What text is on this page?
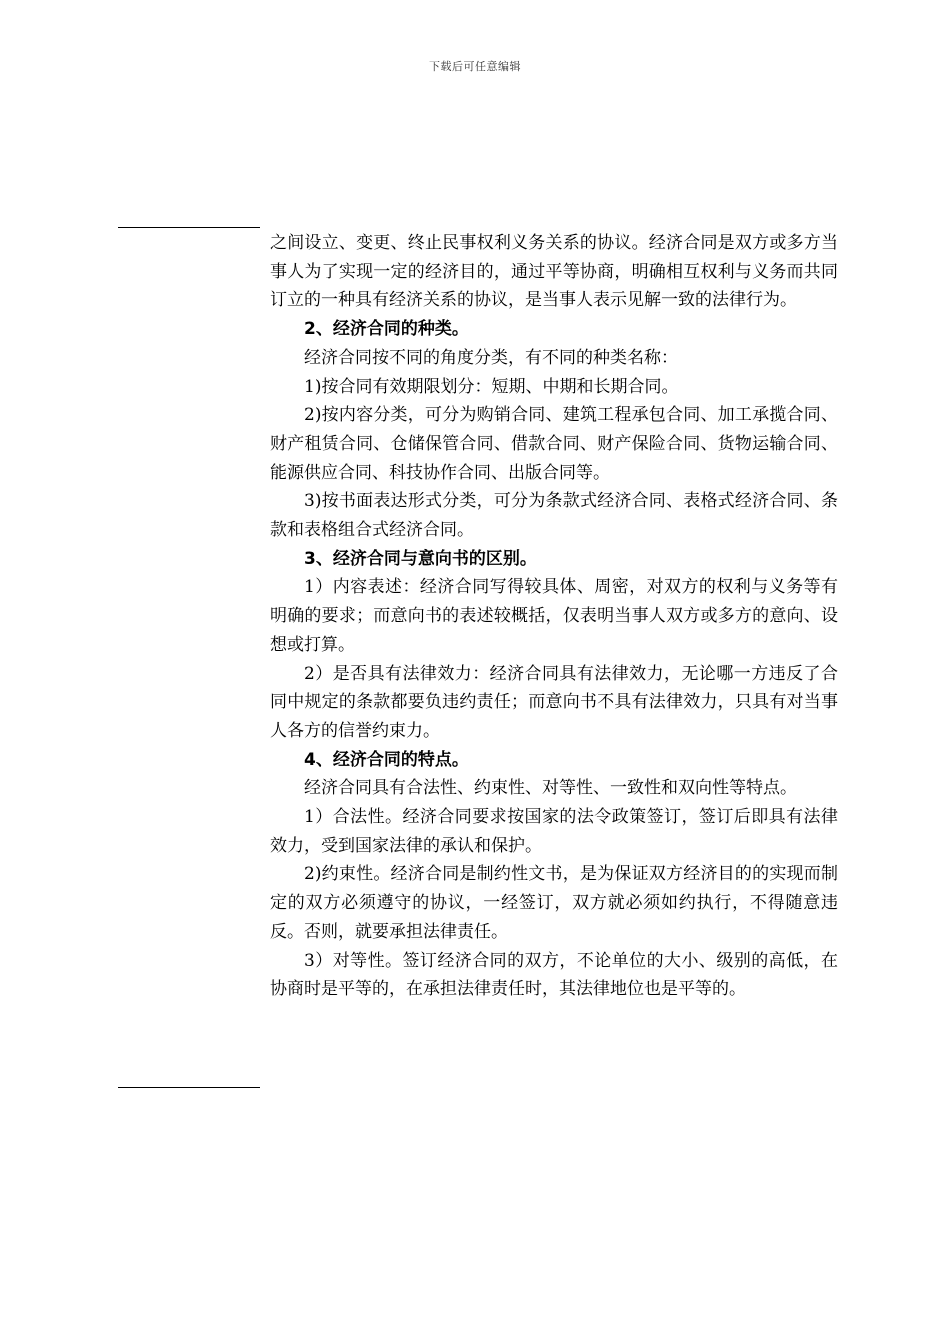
下载后可任意编辑

之间设立、变更、终止民事权利义务关系的协议。经济合同是双方或多方当事人为了实现一定的经济目的，通过平等协商，明确相互权利与义务而共同订立的一种具有经济关系的协议，是当事人表示见解一致的法律行为。

2、经济合同的种类。

经济合同按不同的角度分类，有不同的种类名称：

1)按合同有效期限划分：短期、中期和长期合同。

2)按内容分类，可分为购销合同、建筑工程承包合同、加工承揽合同、财产租赁合同、仓储保管合同、借款合同、财产保险合同、货物运输合同、能源供应合同、科技协作合同、出版合同等。

3)按书面表达形式分类，可分为条款式经济合同、表格式经济合同、条款和表格组合式经济合同。

3、经济合同与意向书的区别。

1）内容表述：经济合同写得较具体、周密，对双方的权利与义务等有明确的要求；而意向书的表述较概括，仅表明当事人双方或多方的意向、设想或打算。

2）是否具有法律效力：经济合同具有法律效力，无论哪一方违反了合同中规定的条款都要负违约责任；而意向书不具有法律效力，只具有对当事人各方的信誉约束力。

4、经济合同的特点。

经济合同具有合法性、约束性、对等性、一致性和双向性等特点。

1）合法性。经济合同要求按国家的法令政策签订，签订后即具有法律效力，受到国家法律的承认和保护。

2)约束性。经济合同是制约性文书，是为保证双方经济目的的实现而制定的双方必须遵守的协议，一经签订，双方就必须如约执行，不得随意违反。否则，就要承担法律责任。

3）对等性。签订经济合同的双方，不论单位的大小、级别的高低，在协商时是平等的，在承担法律责任时，其法律地位也是平等的。
